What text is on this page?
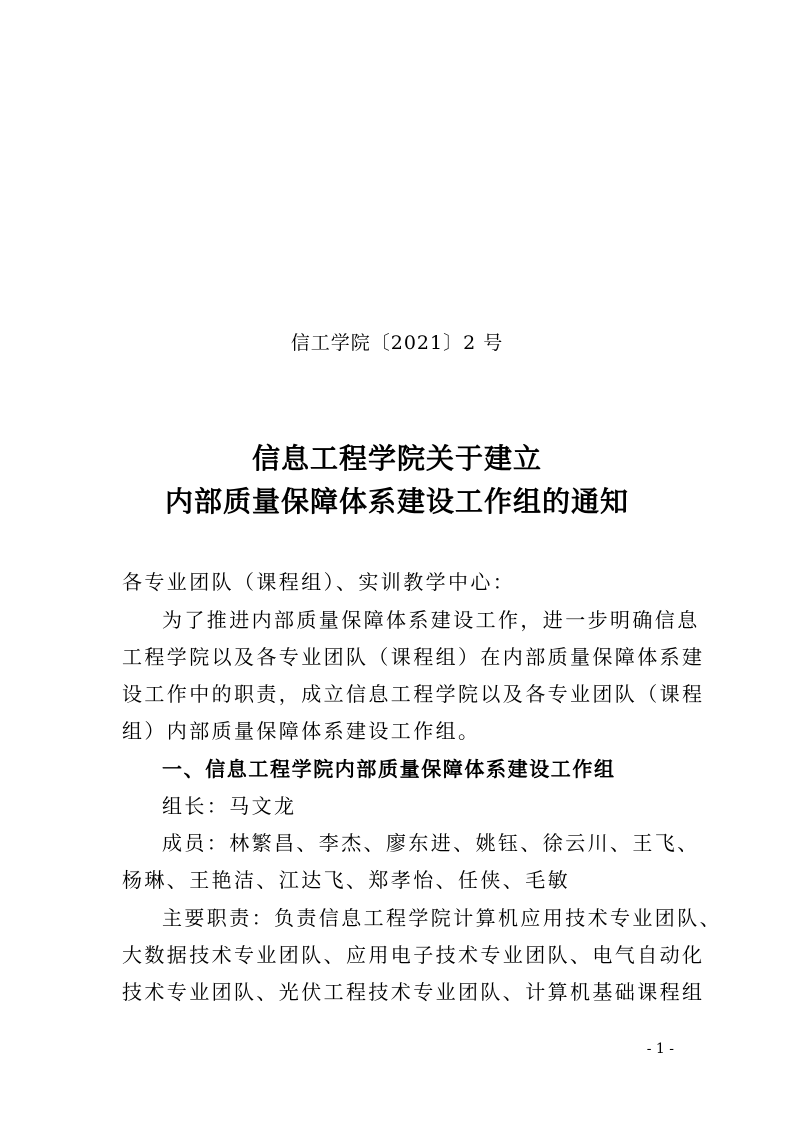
信工学院〔2021〕2 号
信息工程学院关于建立
内部质量保障体系建设工作组的通知
各专业团队（课程组）、实训教学中心：
为了推进内部质量保障体系建设工作，进一步明确信息
工程学院以及各专业团队（课程组）在内部质量保障体系建
设工作中的职责，成立信息工程学院以及各专业团队（课程
组）内部质量保障体系建设工作组。
一、信息工程学院内部质量保障体系建设工作组
组长：马文龙
成员：林繁昌、李杰、廖东进、姚钰、徐云川、王飞、
杨琳、王艳洁、江达飞、郑孝怡、任侠、毛敏
主要职责：负责信息工程学院计算机应用技术专业团队、
大数据技术专业团队、应用电子技术专业团队、电气自动化
技术专业团队、光伏工程技术专业团队、计算机基础课程组
- 1 -
